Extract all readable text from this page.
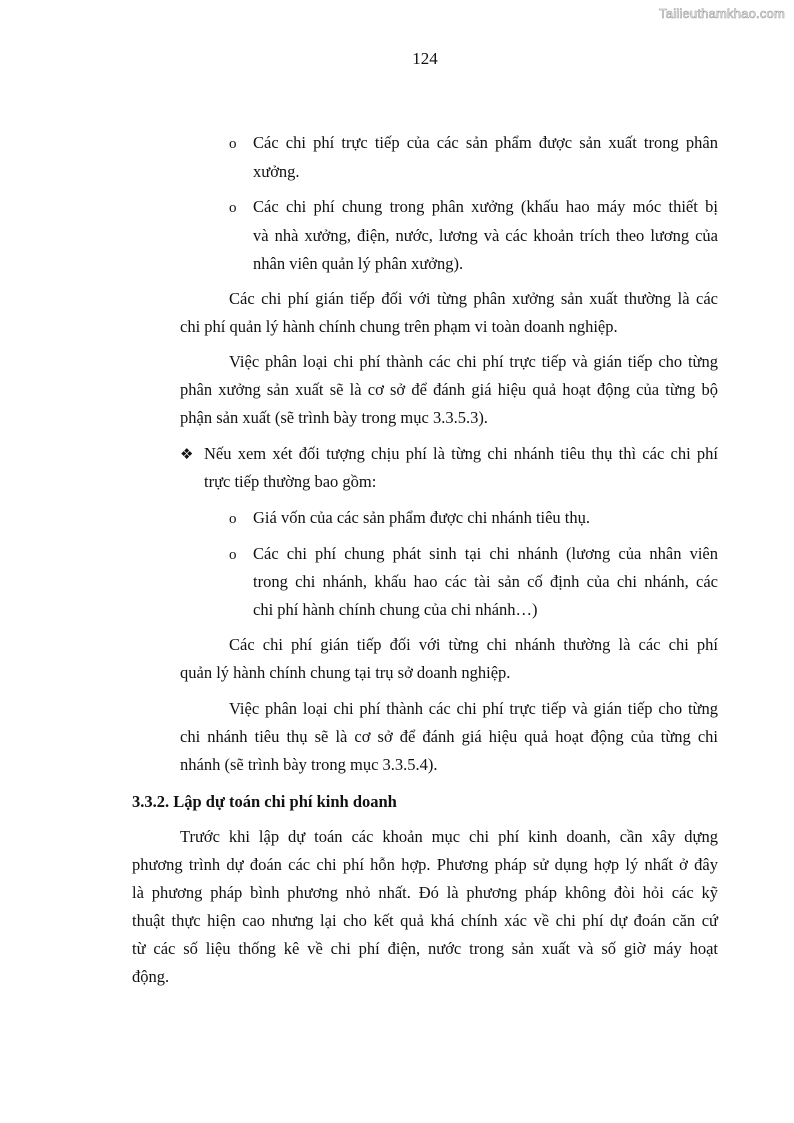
Tailieuthamkhao.com
124
o Các chi phí trực tiếp của các sản phẩm được sản xuất trong phân
xưởng.
o Các chi phí chung trong phân xưởng (khấu hao máy móc thiết bị
và nhà xưởng, điện, nước, lương và các khoản trích theo lương của
nhân viên quản lý phân xưởng).
Các chi phí gián tiếp đối với từng phân xưởng sản xuất thường là các
chi phí quản lý hành chính chung trên phạm vi toàn doanh nghiệp.
Việc phân loại chi phí thành các chi phí trực tiếp và gián tiếp cho từng
phân xưởng sản xuất sẽ là cơ sở để đánh giá hiệu quả hoạt động của từng bộ
phận sản xuất (sẽ trình bày trong mục 3.3.5.3).
❖ Nếu xem xét đối tượng chịu phí là từng chi nhánh tiêu thụ thì các chi phí
trực tiếp thường bao gồm:
o Giá vốn của các sản phẩm được chi nhánh tiêu thụ.
o Các chi phí chung phát sinh tại chi nhánh (lương của nhân viên
trong chi nhánh, khấu hao các tài sản cố định của chi nhánh, các
chi phí hành chính chung của chi nhánh…)
Các chi phí gián tiếp đối với từng chi nhánh thường là các chi phí
quản lý hành chính chung tại trụ sở doanh nghiệp.
Việc phân loại chi phí thành các chi phí trực tiếp và gián tiếp cho từng
chi nhánh tiêu thụ sẽ là cơ sở để đánh giá hiệu quả hoạt động của từng chi
nhánh (sẽ trình bày trong mục 3.3.5.4).
3.3.2. Lập dự toán chi phí kinh doanh
Trước khi lập dự toán các khoản mục chi phí kinh doanh, cần xây dựng
phương trình dự đoán các chi phí hỗn hợp. Phương pháp sử dụng hợp lý nhất ở đây
là phương pháp bình phương nhỏ nhất. Đó là phương pháp không đòi hỏi các kỹ
thuật thực hiện cao nhưng lại cho kết quả khá chính xác về chi phí dự đoán căn cứ
từ các số liệu thống kê về chi phí điện, nước trong sản xuất và số giờ máy hoạt
động.
